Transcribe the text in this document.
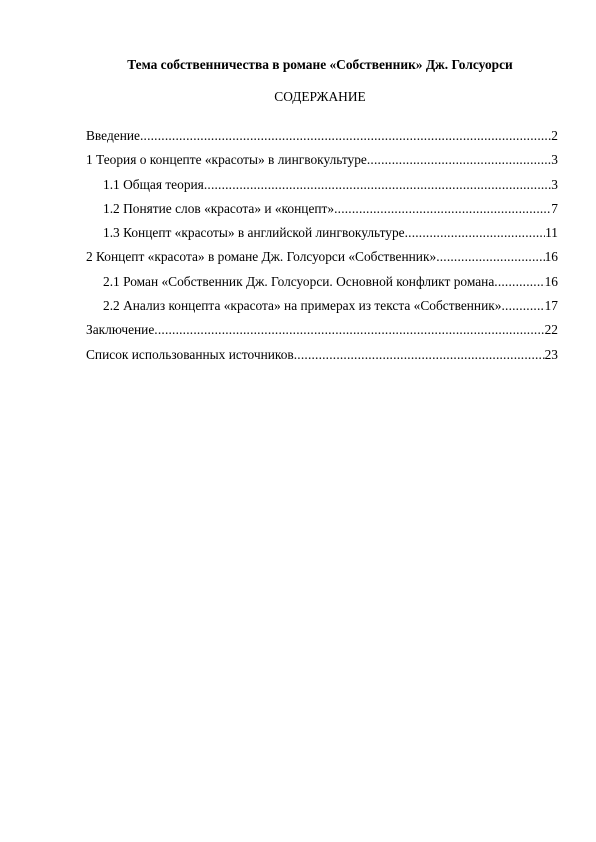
Тема собственничества в романе «Собственник» Дж. Голсуорси
СОДЕРЖАНИЕ
Введение .....	2
1 Теория о концепте «красоты» в лингвокультуре .....	3
1.1 Общая теория .....	3
1.2 Понятие слов «красота» и «концепт» .....	7
1.3 Концепт «красоты» в английской лингвокультуре .....	11
2 Концепт «красота» в романе Дж. Голсуорси «Собственник» .....	16
2.1 Роман «Собственник Дж. Голсуорси. Основной конфликт романа .....	16
2.2 Анализ концепта «красота» на примерах из текста «Собственник» .....	17
Заключение .....	22
Список использованных источников .....	23
